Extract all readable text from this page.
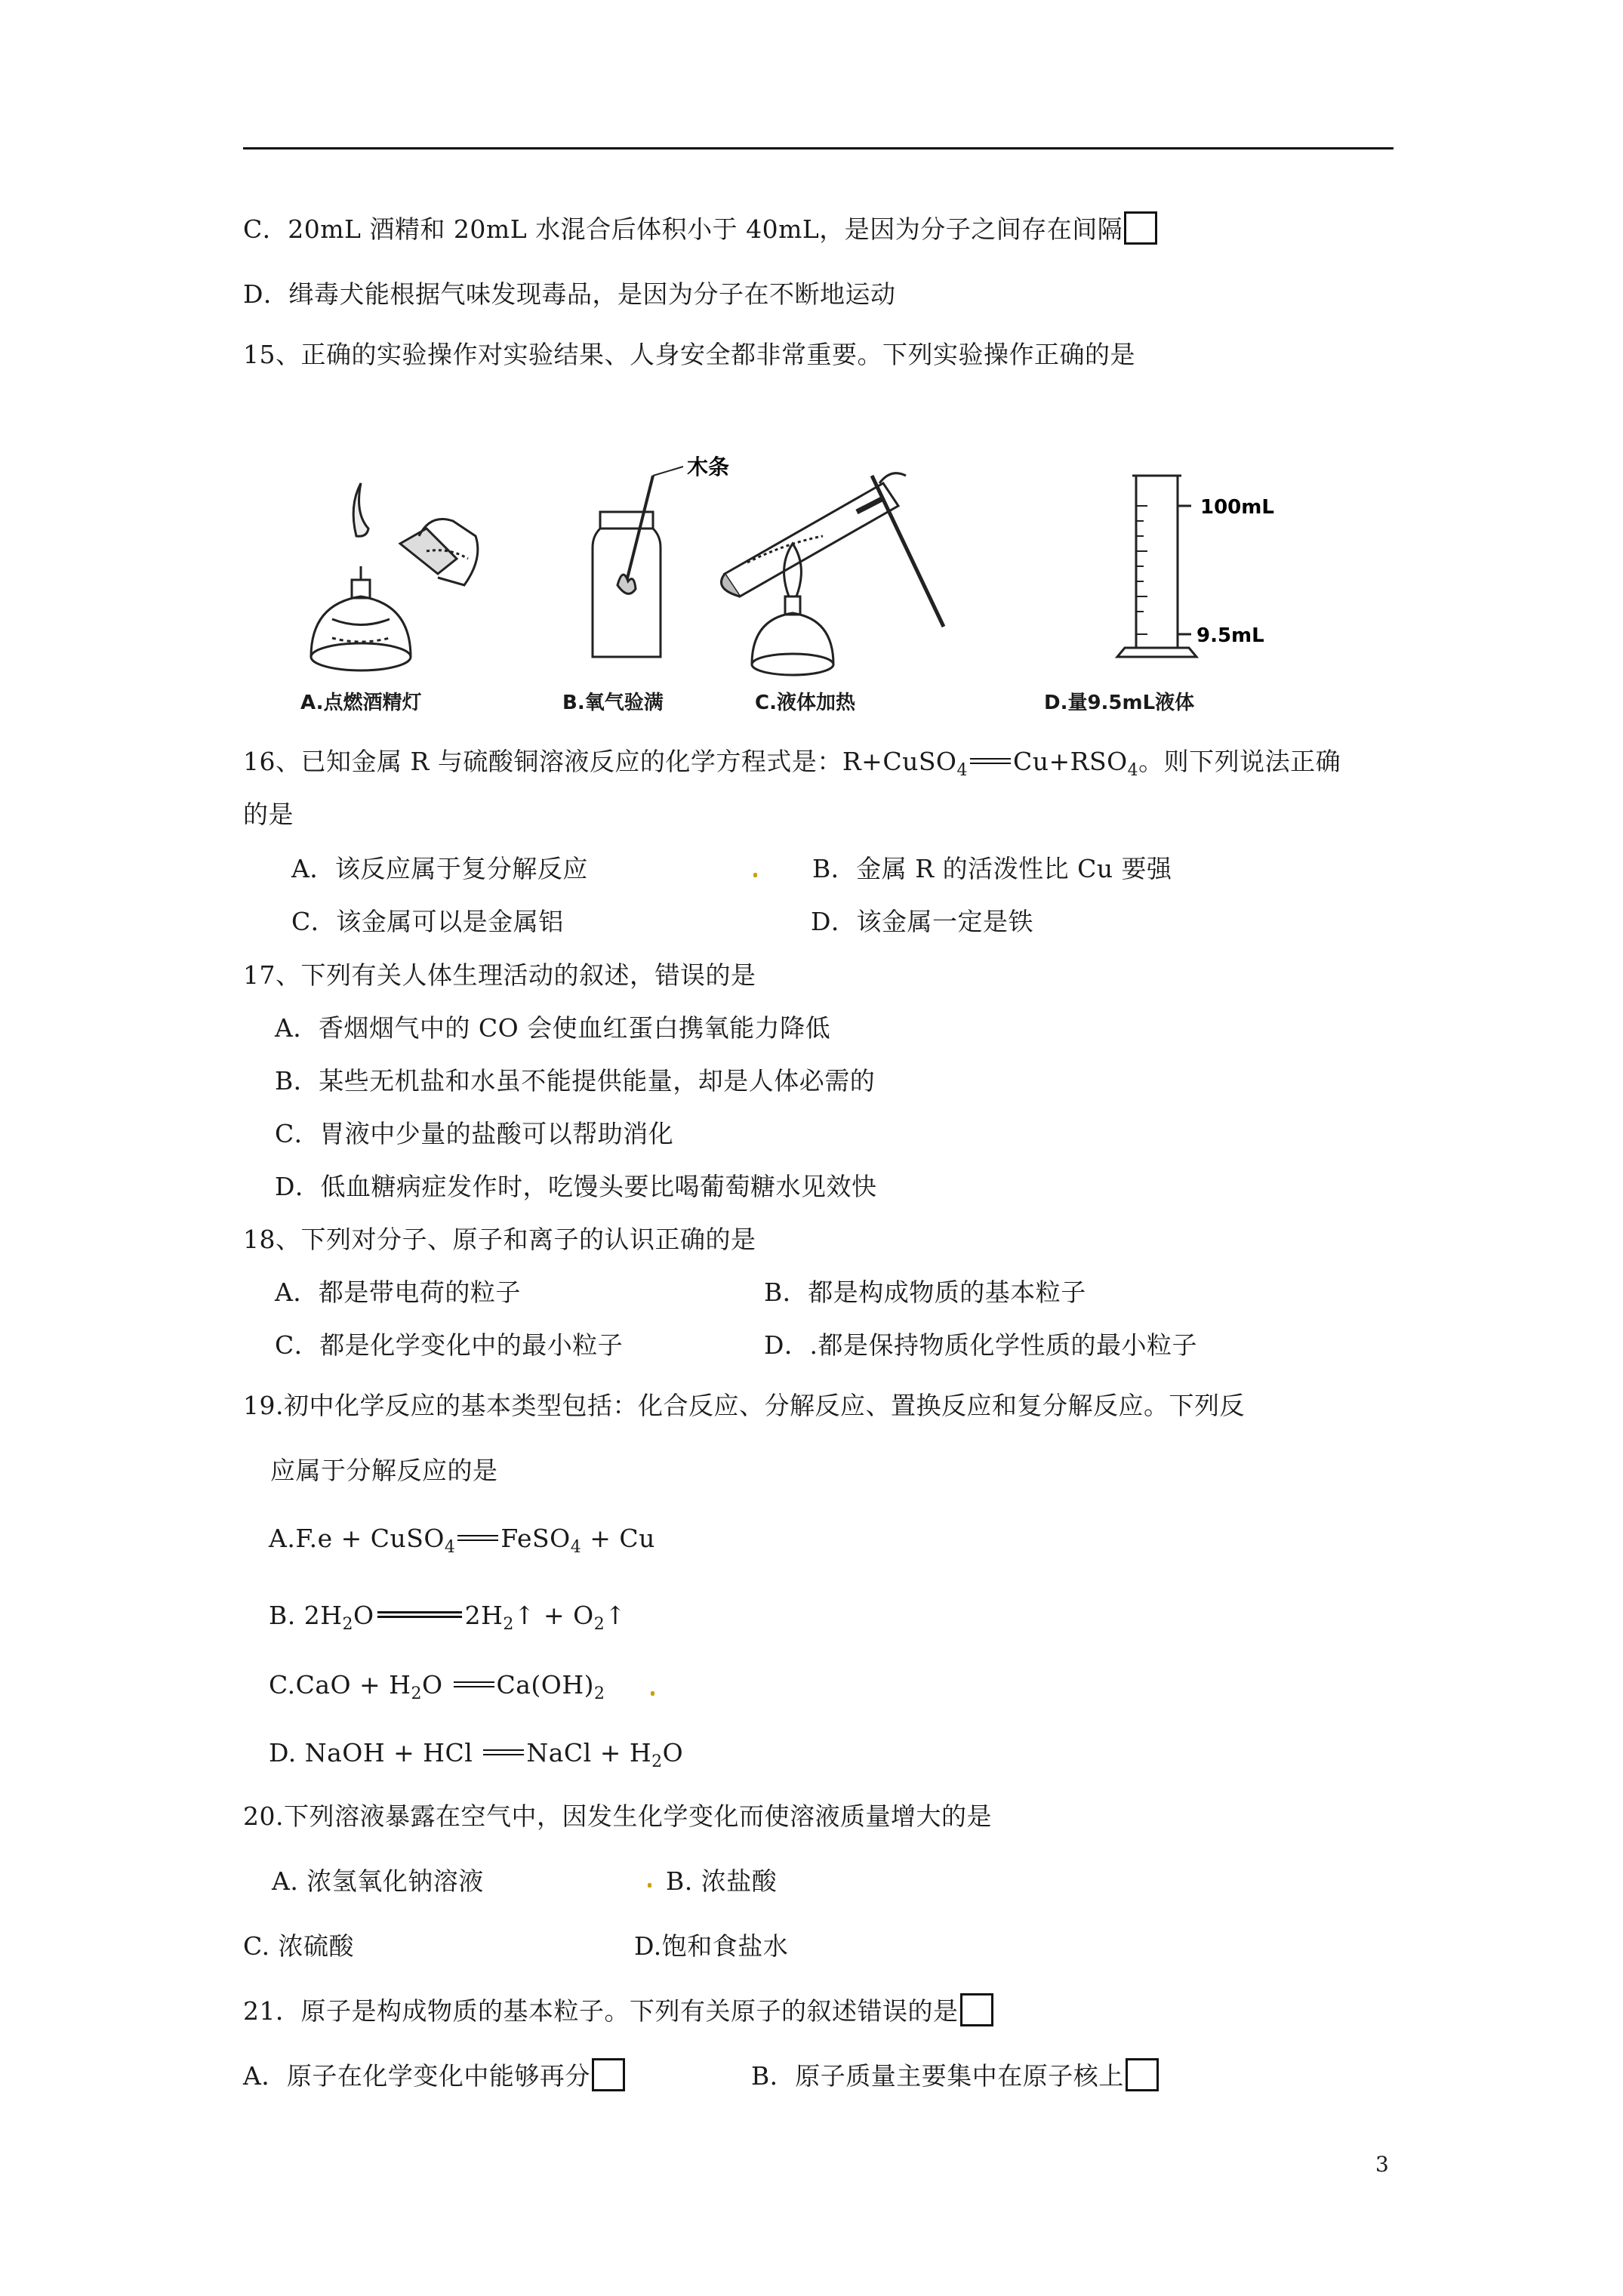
C．20mL 酒精和 20mL 水混合后体积小于 40mL，是因为分子之间存在间隔
D．缉毒犬能根据气味发现毒品，是因为分子在不断地运动
15、正确的实验操作对实验结果、人身安全都非常重要。下列实验操作正确的是
木条
100mL
9.5mL
A.点燃酒精灯	B.氧气验满	C.液体加热	D.量9.5mL液体
16、已知金属 R 与硫酸铜溶液反应的化学方程式是：R+CuSO$_4$ $Cu+RSO_4$。则下列说法正确
的是
A．该反应属于复分解反应	B．金属 R 的活泼性比 Cu 要强
C．该金属可以是金属铝	D．该金属一定是铁
17、下列有关人体生理活动的叙述，错误的是
A．香烟烟气中的 CO 会使血红蛋白携氧能力降低
B．某些无机盐和水虽不能提供能量，却是人体必需的
C．胃液中少量的盐酸可以帮助消化
D．低血糖病症发作时，吃馒头要比喝葡萄糖水见效快
18、下列对分子、原子和离子的认识正确的是
A．都是带电荷的粒子	B．都是构成物质的基本粒子
C．都是化学变化中的最小粒子	D．.都是保持物质化学性质的最小粒子
19.初中化学反应的基本类型包括：化合反应、分解反应、置换反应和复分解反应。下列反
应属于分解反应的是
A.F.e + CuSO$_4$ FeSO$_4$ + Cu
B. $2H_2O$	$2H_2↑$ + $O_2↑$
$C.CaO + H_2O$ $Ca(OH)_2$
D. NaOH + HCl NaCl + $H_2O$
20.下列溶液暴露在空气中，因发生化学变化而使溶液质量增大的是
A. 浓氢氧化钠溶液	B. 浓盐酸
C. 浓硫酸	D.饱和食盐水
21．原子是构成物质的基本粒子。下列有关原子的叙述错误的是
A．原子在化学变化中能够再分	B．原子质量主要集中在原子核上
3
